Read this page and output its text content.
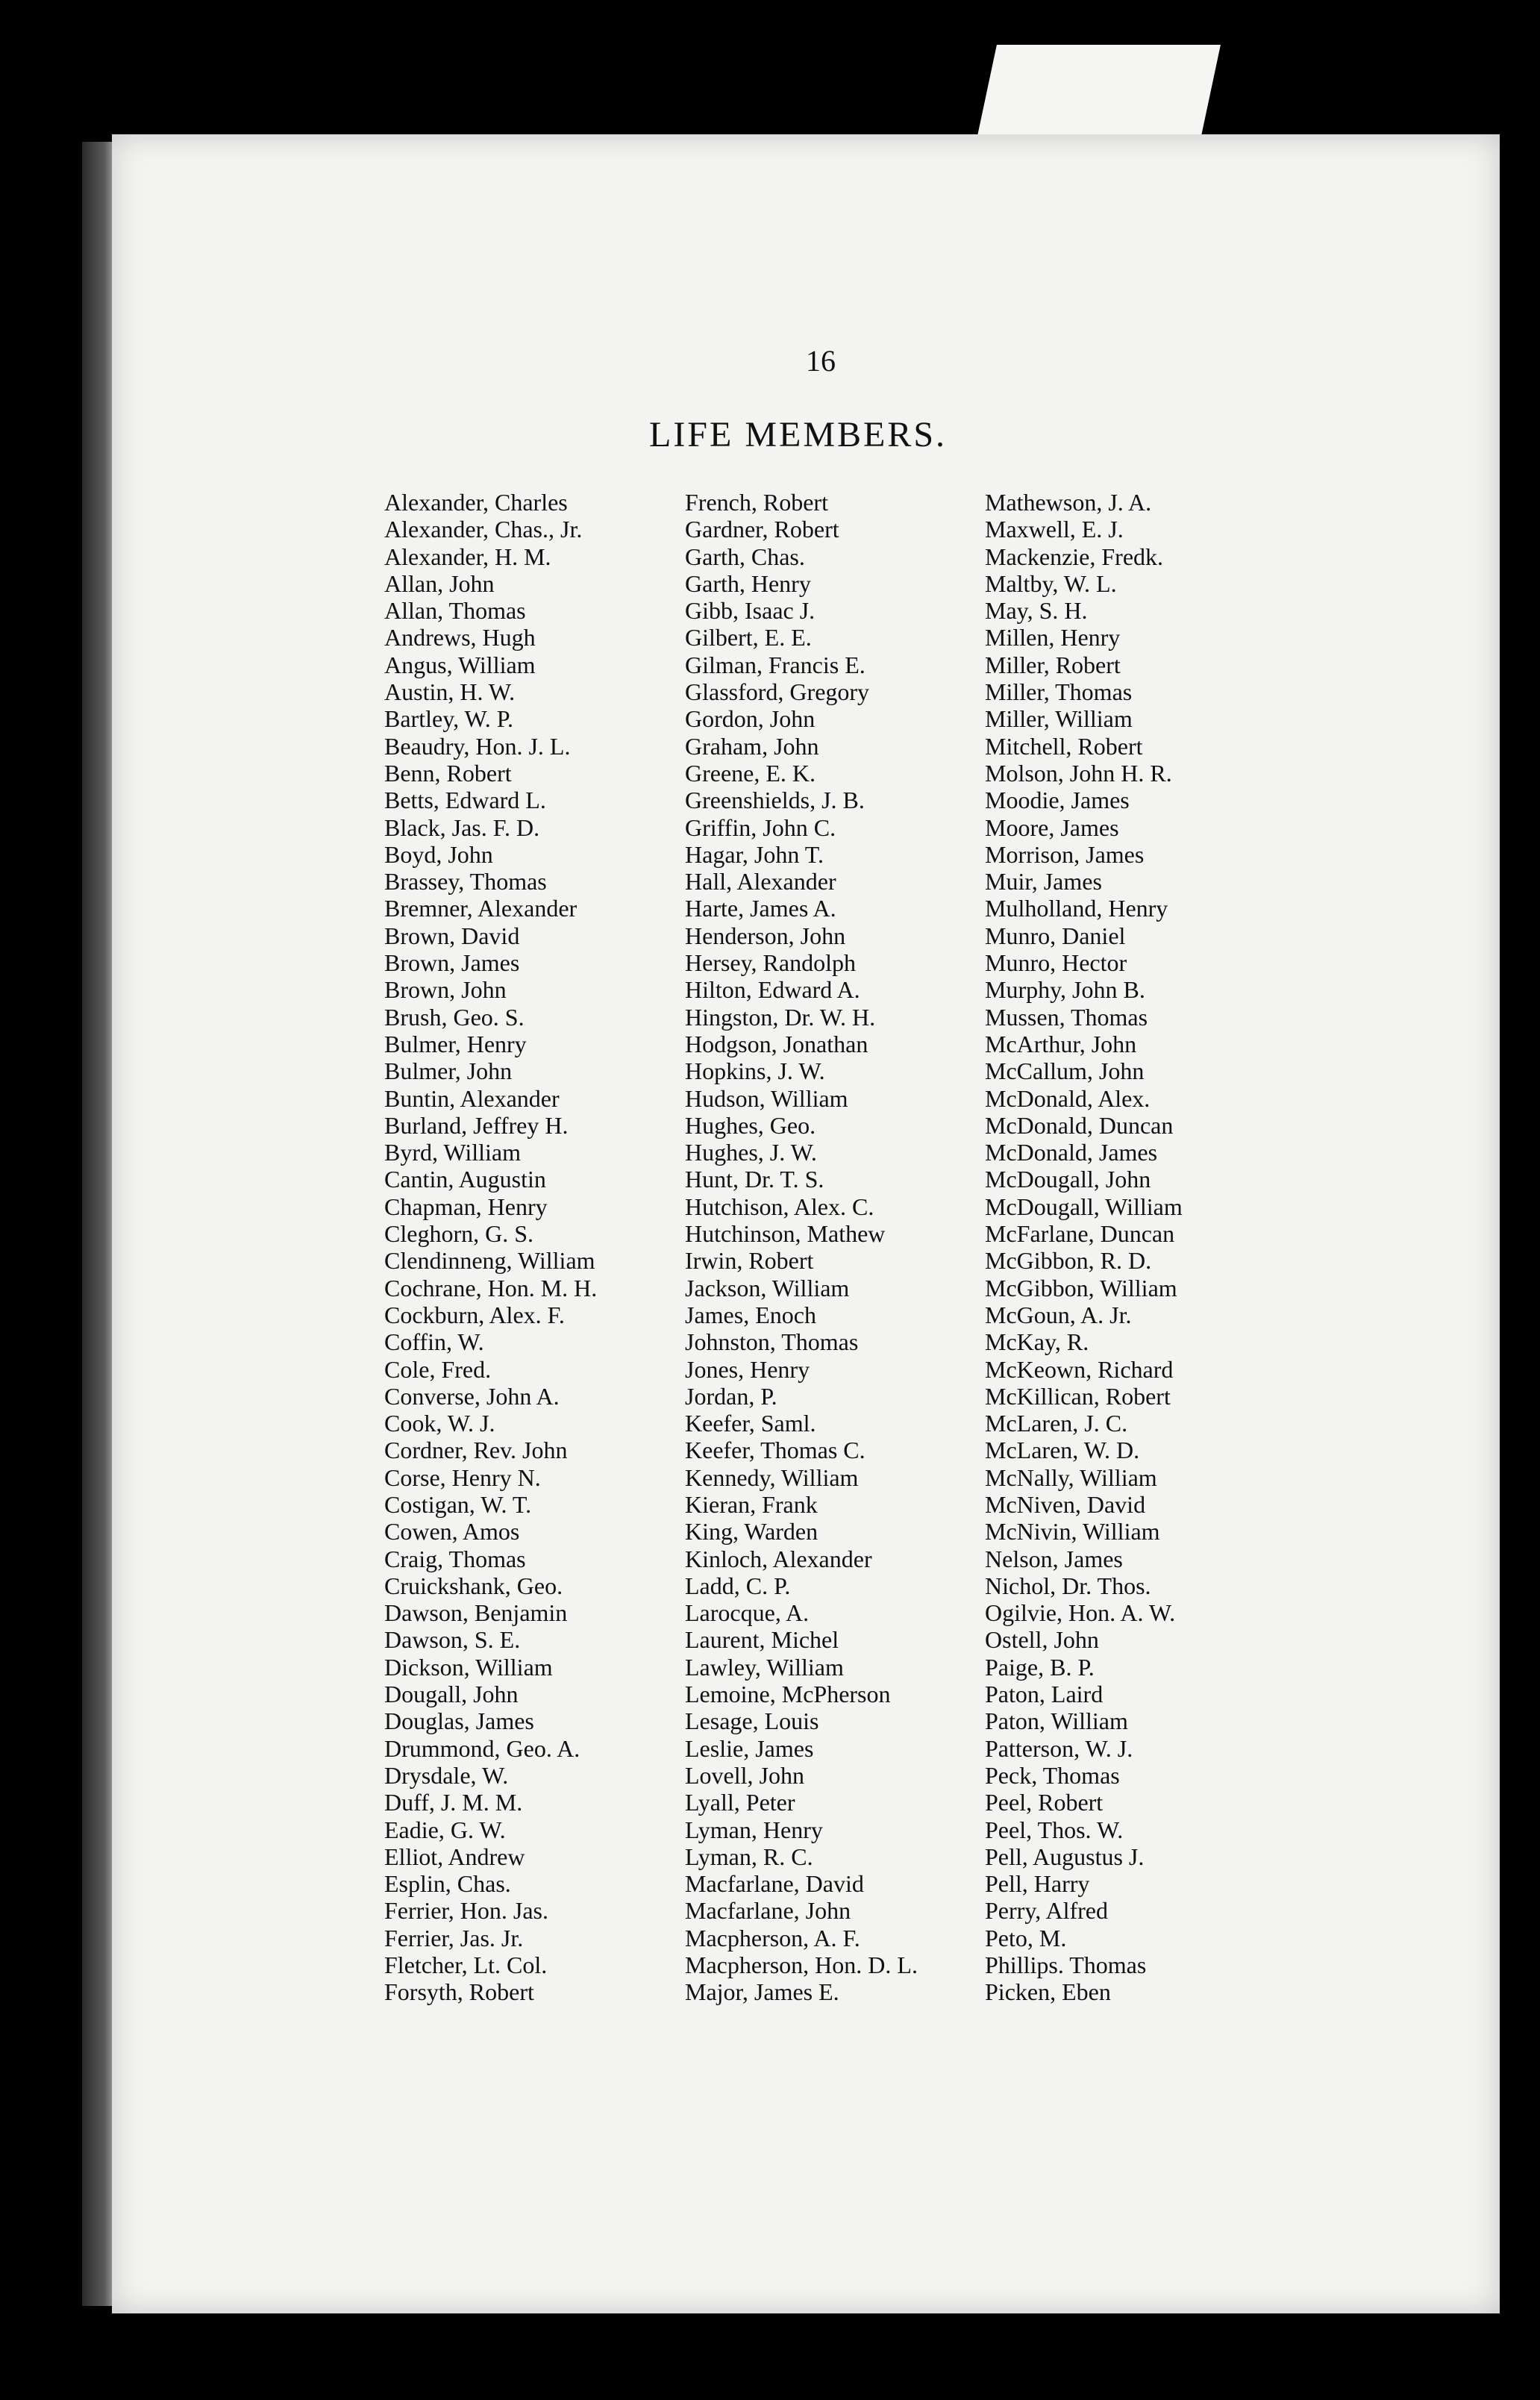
16
LIFE MEMBERS.
Alexander, Charles
Alexander, Chas., Jr.
Alexander, H. M.
Allan, John
Allan, Thomas
Andrews, Hugh
Angus, William
Austin, H. W.
Bartley, W. P.
Beaudry, Hon. J. L.
Benn, Robert
Betts, Edward L.
Black, Jas. F. D.
Boyd, John
Brassey, Thomas
Bremner, Alexander
Brown, David
Brown, James
Brown, John
Brush, Geo. S.
Bulmer, Henry
Bulmer, John
Buntin, Alexander
Burland, Jeffrey H.
Byrd, William
Cantin, Augustin
Chapman, Henry
Cleghorn, G. S.
Clendinneng, William
Cochrane, Hon. M. H.
Cockburn, Alex. F.
Coffin, W.
Cole, Fred.
Converse, John A.
Cook, W. J.
Cordner, Rev. John
Corse, Henry N.
Costigan, W. T.
Cowen, Amos
Craig, Thomas
Cruickshank, Geo.
Dawson, Benjamin
Dawson, S. E.
Dickson, William
Dougall, John
Douglas, James
Drummond, Geo. A.
Drysdale, W.
Duff, J. M. M.
Eadie, G. W.
Elliot, Andrew
Esplin, Chas.
Ferrier, Hon. Jas.
Ferrier, Jas. Jr.
Fletcher, Lt. Col.
Forsyth, Robert
French, Robert
Gardner, Robert
Garth, Chas.
Garth, Henry
Gibb, Isaac J.
Gilbert, E. E.
Gilman, Francis E.
Glassford, Gregory
Gordon, John
Graham, John
Greene, E. K.
Greenshields, J. B.
Griffin, John C.
Hagar, John T.
Hall, Alexander
Harte, James A.
Henderson, John
Hersey, Randolph
Hilton, Edward A.
Hingston, Dr. W. H.
Hodgson, Jonathan
Hopkins, J. W.
Hudson, William
Hughes, Geo.
Hughes, J. W.
Hunt, Dr. T. S.
Hutchison, Alex. C.
Hutchinson, Mathew
Irwin, Robert
Jackson, William
James, Enoch
Johnston, Thomas
Jones, Henry
Jordan, P.
Keefer, Saml.
Keefer, Thomas C.
Kennedy, William
Kieran, Frank
King, Warden
Kinloch, Alexander
Ladd, C. P.
Larocque, A.
Laurent, Michel
Lawley, William
Lemoine, McPherson
Lesage, Louis
Leslie, James
Lovell, John
Lyall, Peter
Lyman, Henry
Lyman, R. C.
Macfarlane, David
Macfarlane, John
Macpherson, A. F.
Macpherson, Hon. D. L.
Major, James E.
Mathewson, J. A.
Maxwell, E. J.
Mackenzie, Fredk.
Maltby, W. L.
May, S. H.
Millen, Henry
Miller, Robert
Miller, Thomas
Miller, William
Mitchell, Robert
Molson, John H. R.
Moodie, James
Moore, James
Morrison, James
Muir, James
Mulholland, Henry
Munro, Daniel
Munro, Hector
Murphy, John B.
Mussen, Thomas
McArthur, John
McCallum, John
McDonald, Alex.
McDonald, Duncan
McDonald, James
McDougall, John
McDougall, William
McFarlane, Duncan
McGibbon, R. D.
McGibbon, William
McGoun, A. Jr.
McKay, R.
McKeown, Richard
McKillican, Robert
McLaren, J. C.
McLaren, W. D.
McNally, William
McNiven, David
McNivin, William
Nelson, James
Nichol, Dr. Thos.
Ogilvie, Hon. A. W.
Ostell, John
Paige, B. P.
Paton, Laird
Paton, William
Patterson, W. J.
Peck, Thomas
Peel, Robert
Peel, Thos. W.
Pell, Augustus J.
Pell, Harry
Perry, Alfred
Peto, M.
Phillips. Thomas
Picken, Eben
